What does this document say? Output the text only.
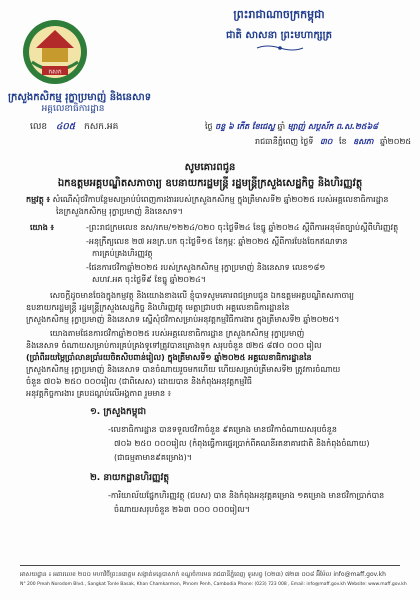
ព្រះរាជាណាចក្រកម្ពុជា
ជាតិ សាសនា ព្រះមហាក្សត្រ
កសក
ក្រសួងកសិកម្ម រុក្ខាប្រមាញ់ និងនេសាទ
អគ្គលេខាធិការដ្ឋាន
លេខ ៤០៥ កសក.អគ	ថ្ងៃ ចន្ទ ៦ កើត ខែជេស្ឋ ឆ្នាំ ម្សាញ់ សប្តស័ក ព.ស.២៥៦៨
រាជធានីភ្នំពេញ ថ្ងៃទី ៣០ ខែ ឧសភា ឆ្នាំ២០២៥
សូមគោរពជូន
ឯកឧត្តមអគ្គបណ្ឌិតសភាចារ្យ ឧបនាយករដ្ឋមន្ត្រី រដ្ឋមន្ត្រីក្រសួងសេដ្ឋកិច្ច និងហិរញ្ញវត្ថុ
កម្មវត្ថុ ៖ សំណើសុំថវិកាបន្ថែមសម្រាប់បំពេញការងាររបស់ក្រសួងកសិកម្ម ក្នុងត្រីមាសទី២ ឆ្នាំ២០២៥ របស់អគ្គលេខាធិការដ្ឋាន
នៃក្រសួងកសិកម្ម រុក្ខាប្រមាញ់ និងនេសាទ។
យោង ៖	-ព្រះរាជក្រមលេខ នស/រកម/១២២៤/០២០ ចុះថ្ងៃទី២៤ ខែធ្នូ ឆ្នាំ២០២៤ ស្តីពីការអនុម័តច្បាប់ស្តីពីហិរញ្ញវត្ថុ
-អនុក្រឹត្យលេខ ២៧ អនក្រ.បក ចុះថ្ងៃទី១៥ ខែកុម្ភៈ ឆ្នាំ២០២៥ ស្តីពីការបែងចែកឥណទាន
ការគ្រប់គ្រងហិរញ្ញវត្ថុ
-ផែនការថវិកាឆ្នាំ២០២៥ របស់ក្រសួងកសិកម្ម រុក្ខាប្រមាញ់ និងនេសាទ លេខ១៨១
សហវ.អគ ចុះថ្ងៃទី៩ ខែធ្នូ ឆ្នាំ២០២៤។
សេចក្តីដូចមានចែងក្នុងកម្មវត្ថុ និងយោងខាងលើ ខ្ញុំបាទសូមគោរពជម្រាបជូន ឯកឧត្តមអគ្គបណ្ឌិតសភាចារ្យ
ឧបនាយករដ្ឋមន្ត្រី រដ្ឋមន្ត្រីក្រសួងសេដ្ឋកិច្ច និងហិរញ្ញវត្ថុ មេត្តាជ្រាបថា អគ្គលេខាធិការដ្ឋាននៃ
ក្រសួងកសិកម្ម រុក្ខាប្រមាញ់ និងនេសាទ ស្នើសុំថវិកាសម្រាប់អនុវត្តកម្មវិធីការងារ ក្នុងត្រីមាសទី២ ឆ្នាំ២០២៥។
យោងតាមផែនការថវិកាឆ្នាំ២០២៥ របស់អគ្គលេខាធិការដ្ឋាន ក្រសួងកសិកម្ម រុក្ខាប្រមាញ់
និងនេសាទ ចំណាយសម្រាប់ការគ្រប់គ្រងទូទៅត្រូវបានគ្រោងទុក សរុបចំនួន ៧២៥ ៨៧០ ០០០ រៀល
(ប្រាំពីររយម្ភៃប្រាំលានប្រាំរយចិតសិបពាន់រៀល) ក្នុងត្រីមាសទី១ ឆ្នាំ២០២៥ អគ្គលេខាធិការដ្ឋាននៃ
ក្រសួងកសិកម្ម រុក្ខាប្រមាញ់ និងនេសាទ បានចំណាយរួចមកហើយ ហើយសម្រាប់ត្រីមាសទី២ ត្រូវការចំណាយ
ចំនួន ៧០៦ ២៥០ ០០០រៀល (ជាពិសេស) ដោយបាន និងកំពុងអនុវត្តកម្មវិធី
អនុវត្តកិច្ចការងារ គ្របដណ្តប់លើអង្គភាព រួមមាន ៖
១. ក្រសួងកម្ពុជា
-លេខាធិការដ្ឋាន បានទទួលថវិកាចំនួន ៩គម្រោង មានថវិកាចំណាយសរុបចំនួន
៧០៦ ២៥០ ០០០រៀល (កំពុងធ្វើការផ្ទេរប្រាក់ពីគណនីរតនាគារជាតិ និងកំពុងចំណាយ)
(ជាធម្មតាមាន៩គម្រោង)។
២. នាយកដ្ឋានហិរញ្ញវត្ថុ
-ការិយាល័យផ្នែកហិរញ្ញវត្ថុ (ជបស) បាន និងកំពុងអនុវត្តគម្រោង ១គម្រោង មានថវិកាប្រាក់បាន
ចំណាយសរុបចំនួន ២៦៣ ០០០ ០០០រៀល។
អាសយដ្ឋាន ៖ អគារលេខ ២០០ មហាវិថីព្រះនរោត្តម សង្កាត់ទន្លេបាសាក់ ខណ្ឌចំការមន រាជធានីភ្នំពេញ ទូរសព្ទ (០២៣) ៧២៣ ០០៨ អ៊ីម៉ែល info@maff.gov.kh
N° 200 Preah Norodom Blvd., Sangkat Tonle Basak, Khan Chamkarmon, Phnom Penh, Cambodia Phone: (023) 723 008 , Email: info@maff.gov.kh Website: www.maff.gov.kh
